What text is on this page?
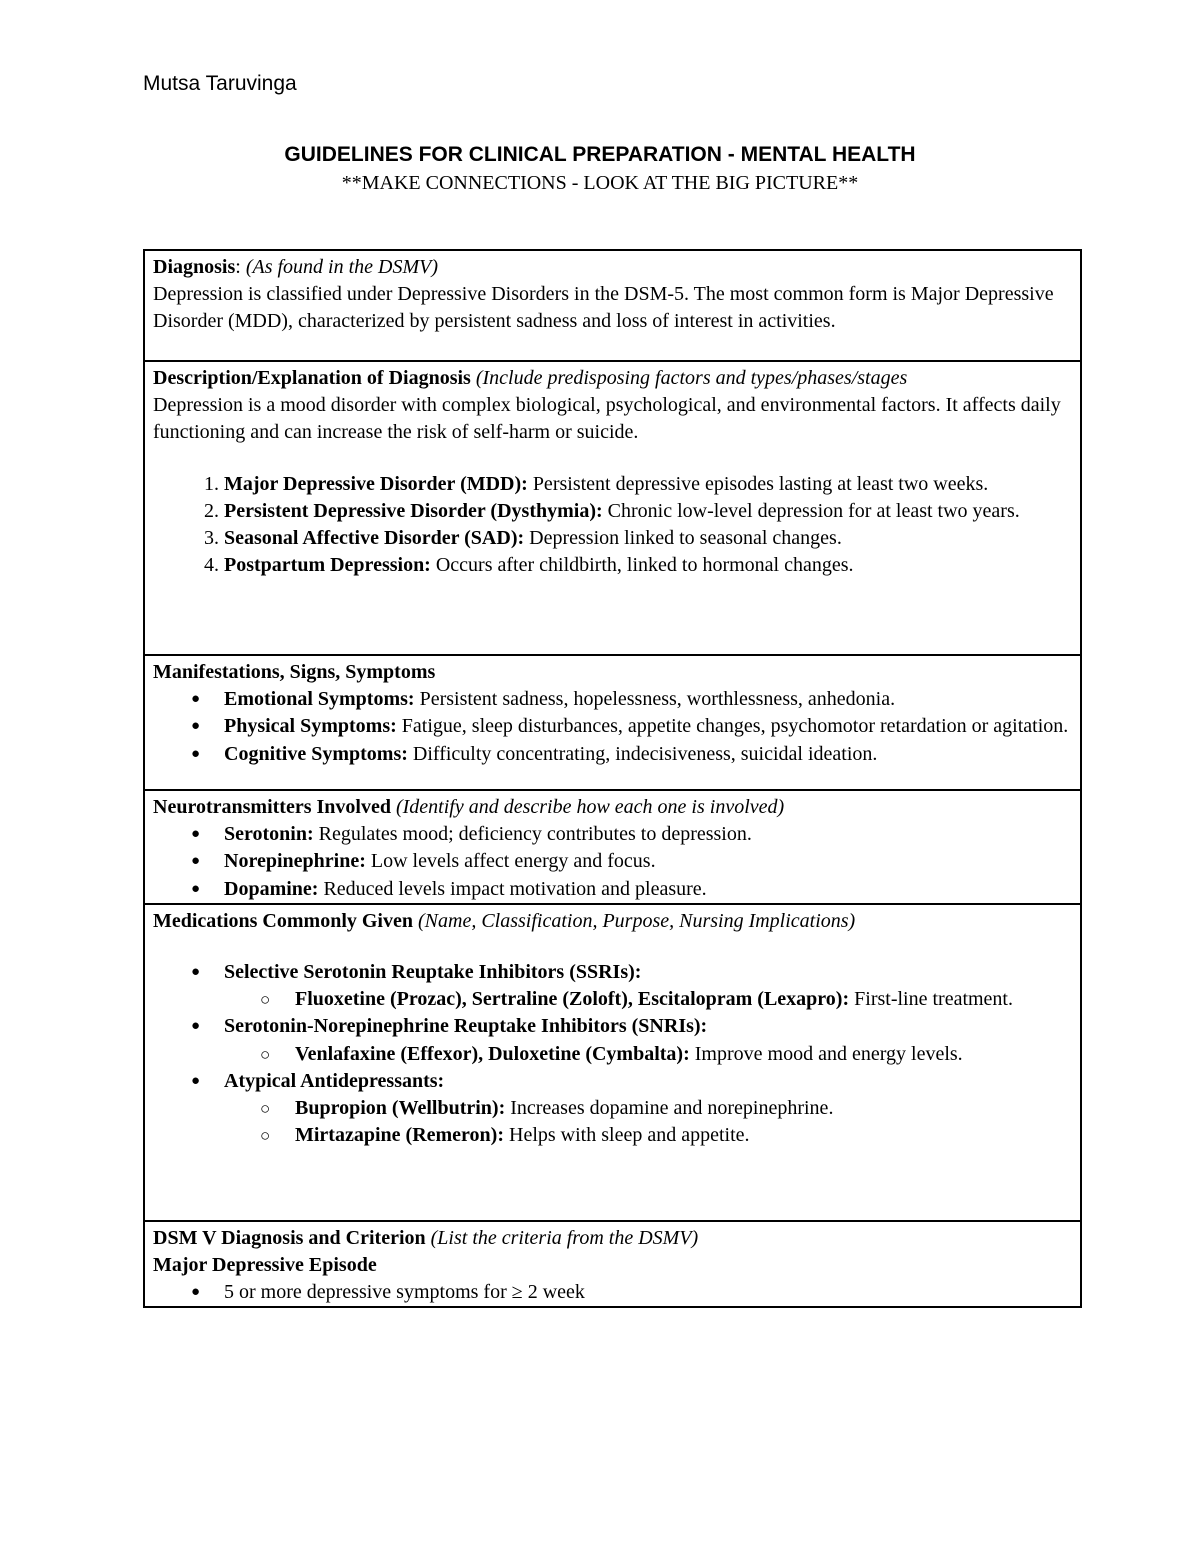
Mutsa Taruvinga
GUIDELINES FOR CLINICAL PREPARATION - MENTAL HEALTH
**MAKE CONNECTIONS - LOOK AT THE BIG PICTURE**
Diagnosis: (As found in the DSMV)
Depression is classified under Depressive Disorders in the DSM-5. The most common form is Major Depressive Disorder (MDD), characterized by persistent sadness and loss of interest in activities.

Description/Explanation of Diagnosis (Include predisposing factors and types/phases/stages
Depression is a mood disorder with complex biological, psychological, and environmental factors. It affects daily functioning and can increase the risk of self-harm or suicide.
1. Major Depressive Disorder (MDD): Persistent depressive episodes lasting at least two weeks.
2. Persistent Depressive Disorder (Dysthymia): Chronic low-level depression for at least two years.
3. Seasonal Affective Disorder (SAD): Depression linked to seasonal changes.
4. Postpartum Depression: Occurs after childbirth, linked to hormonal changes.

Manifestations, Signs, Symptoms
● Emotional Symptoms: Persistent sadness, hopelessness, worthlessness, anhedonia.
● Physical Symptoms: Fatigue, sleep disturbances, appetite changes, psychomotor retardation or agitation.
● Cognitive Symptoms: Difficulty concentrating, indecisiveness, suicidal ideation.

Neurotransmitters Involved (Identify and describe how each one is involved)
● Serotonin: Regulates mood; deficiency contributes to depression.
● Norepinephrine: Low levels affect energy and focus.
● Dopamine: Reduced levels impact motivation and pleasure.

Medications Commonly Given (Name, Classification, Purpose, Nursing Implications)
● Selective Serotonin Reuptake Inhibitors (SSRIs):
○ Fluoxetine (Prozac), Sertraline (Zoloft), Escitalopram (Lexapro): First-line treatment.
● Serotonin-Norepinephrine Reuptake Inhibitors (SNRIs):
○ Venlafaxine (Effexor), Duloxetine (Cymbalta): Improve mood and energy levels.
● Atypical Antidepressants:
○ Bupropion (Wellbutrin): Increases dopamine and norepinephrine.
○ Mirtazapine (Remeron): Helps with sleep and appetite.

DSM V Diagnosis and Criterion (List the criteria from the DSMV)
Major Depressive Episode
● 5 or more depressive symptoms for ≥ 2 week
